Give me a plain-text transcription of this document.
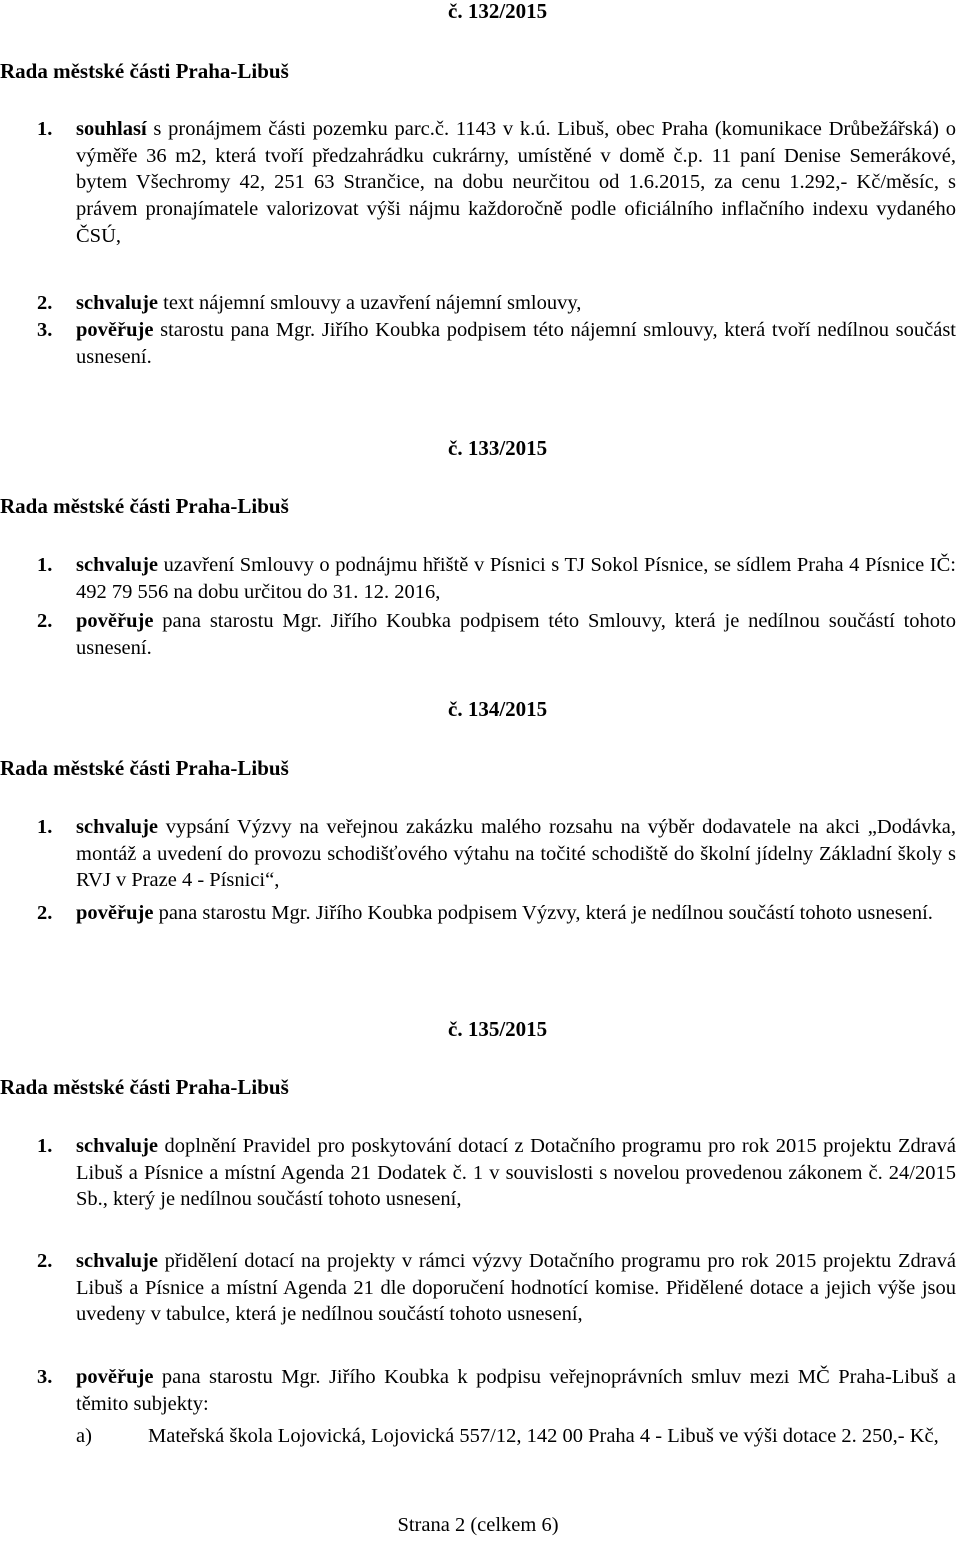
č. 132/2015
Rada městské části Praha-Libuš
1. souhlasí s pronájmem části pozemku parc.č. 1143 v k.ú. Libuš, obec Praha (komunikace Drůbežářská) o výměře 36 m2, která tvoří předzahrádku cukrárny, umístěné v domě č.p. 11 paní Denise Semerákové, bytem Všechromy 42, 251 63 Strančice, na dobu neurčitou od 1.6.2015, za cenu 1.292,- Kč/měsíc, s právem pronajímatele valorizovat výši nájmu každoročně podle oficiálního inflačního indexu vydaného ČSÚ,
2. schvaluje text nájemní smlouvy a uzavření nájemní smlouvy,
3. pověřuje starostu pana Mgr. Jiřího Koubka podpisem této nájemní smlouvy, která tvoří nedílnou součást usnesení.
č. 133/2015
Rada městské části Praha-Libuš
1. schvaluje uzavření Smlouvy o podnájmu hřiště v Písnici s TJ Sokol Písnice, se sídlem Praha 4 Písnice IČ: 492 79 556 na dobu určitou do 31. 12. 2016,
2. pověřuje pana starostu Mgr. Jiřího Koubka podpisem této Smlouvy, která je nedílnou součástí tohoto usnesení.
č. 134/2015
Rada městské části Praha-Libuš
1. schvaluje vypsání Výzvy na veřejnou zakázku malého rozsahu na výběr dodavatele na akci „Dodávka, montáž a uvedení do provozu schodišťového výtahu na točité schodiště do školní jídelny Základní školy s RVJ v Praze 4 - Písnici“,
2. pověřuje pana starostu Mgr. Jiřího Koubka podpisem Výzvy, která je nedílnou součástí tohoto usnesení.
č. 135/2015
Rada městské části Praha-Libuš
1. schvaluje doplnění Pravidel pro poskytování dotací z Dotačního programu pro rok 2015 projektu Zdravá Libuš a Písnice a místní Agenda 21 Dodatek č. 1 v souvislosti s novelou provedenou zákonem č. 24/2015 Sb., který je nedílnou součástí tohoto usnesení,
2. schvaluje přidělení dotací na projekty v rámci výzvy Dotačního programu pro rok 2015 projektu Zdravá Libuš a Písnice a místní Agenda 21 dle doporučení hodnotící komise. Přidělené dotace a jejich výše jsou uvedeny v tabulce, která je nedílnou součástí tohoto usnesení,
3. pověřuje pana starostu Mgr. Jiřího Koubka k podpisu veřejnoprávních smluv mezi MČ Praha-Libuš a těmito subjekty:
a)	Mateřská škola Lojovická, Lojovická 557/12, 142 00 Praha 4 - Libuš ve výši dotace 2. 250,- Kč,
Strana 2 (celkem 6)
